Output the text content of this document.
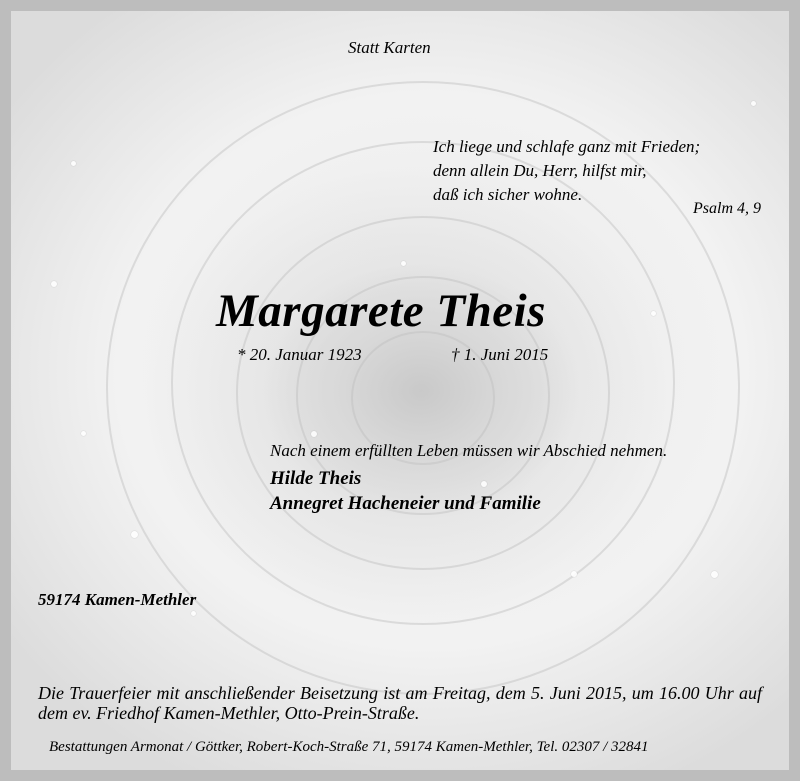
Statt Karten
Ich liege und schlafe ganz mit Frieden;
denn allein Du, Herr, hilfst mir,
daß ich sicher wohne.
Psalm 4, 9
Margarete Theis
* 20. Januar 1923	† 1. Juni 2015
Nach einem erfüllten Leben müssen wir Abschied nehmen.
Hilde Theis
Annegret Hacheneier und Familie
59174 Kamen-Methler
Die Trauerfeier mit anschließender Beisetzung ist am Freitag, dem 5. Juni 2015, um 16.00 Uhr auf dem ev. Friedhof Kamen-Methler, Otto-Prein-Straße.
Bestattungen Armonat / Göttker, Robert-Koch-Straße 71, 59174 Kamen-Methler, Tel. 02307 / 32841
